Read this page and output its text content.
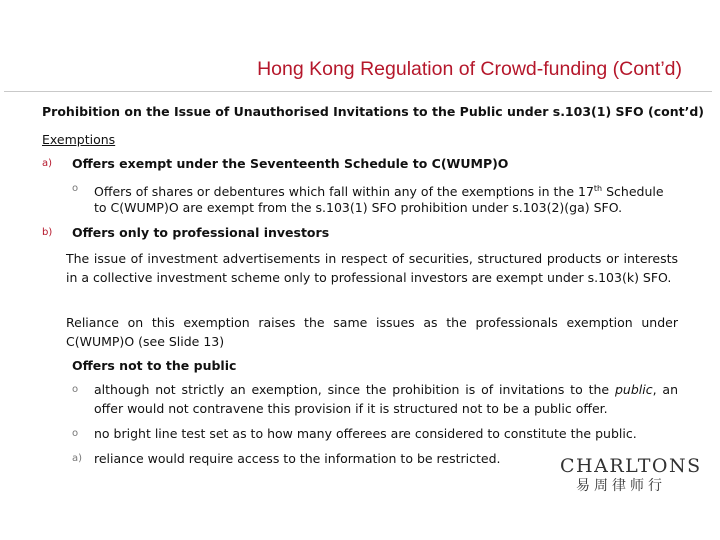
Hong Kong Regulation of Crowd-funding (Cont’d)
Prohibition on the Issue of Unauthorised Invitations to the Public under s.103(1) SFO (cont’d)
Exemptions
a) Offers exempt under the Seventeenth Schedule to C(WUMP)O
o Offers of shares or debentures which fall within any of the exemptions in the 17th Schedule
to C(WUMP)O are exempt from the s.103(1) SFO prohibition under s.103(2)(ga) SFO.
b) Offers only to professional investors
The issue of investment advertisements in respect of securities, structured products or interests in a collective investment scheme only to professional investors are exempt under s.103(k) SFO.
Reliance on this exemption raises the same issues as the professionals exemption under C(WUMP)O (see Slide 13)
Offers not to the public
o although not strictly an exemption, since the prohibition is of invitations to the public, an offer would not contravene this provision if it is structured not to be a public offer.
o no bright line test set as to how many offerees are considered to constitute the public.
a) reliance would require access to the information to be restricted.	CHARLTONS
易周律师行
